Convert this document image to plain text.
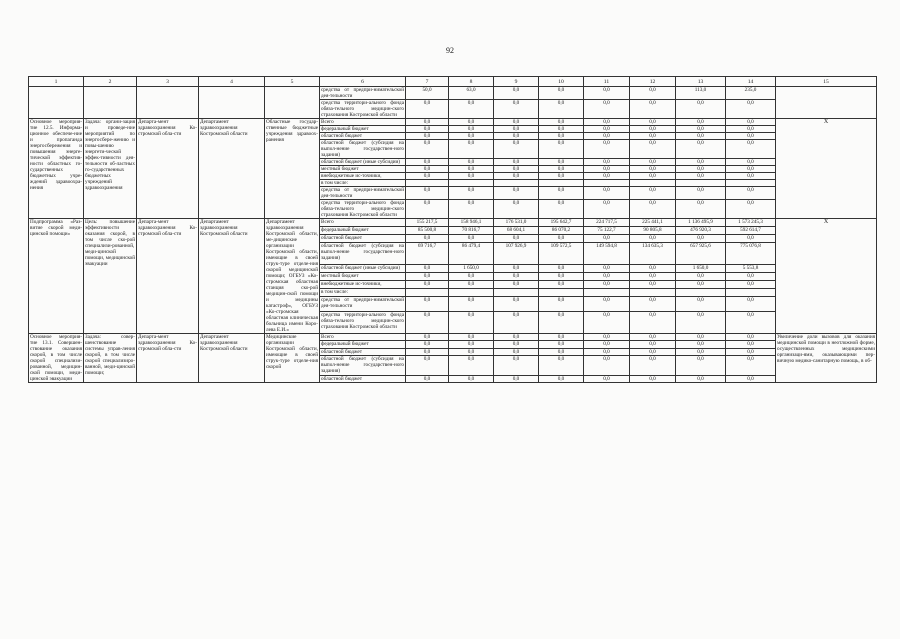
92
1	2	3	4	5	6	7	8	9	10	11	12	13	14	15
					средства от предпри-нимательской дея-тельности	50,0	63,0	0,0	0,0	0,0	0,0	113,0	235,0	
					средства территори-ального фонда обяза-тельного медицин-ского страхования Костромской области	0,0	0,0	0,0	0,0	0,0	0,0	0,0	0,0	
Основное мероприя-тие 12.5. Информа-ционное обеспече-ние и пропаганда энергосбережения и повышения энерге-тической эффектив-ности областных го-сударственных бюджетных учре-ждений здравоохра-нения	Задача: органи-зация и проведе-ние мероприятий по энергосбере-жению и повы-шению энергети-ческой эффек-тивности дея-тельности об-ластных го-сударственных бюджетных учреждений здравоохранения	Департа-мент здравоохранения Ко-стромской обла-сти	Департамент здравоохранения Костромской области	Областные государ-ственные бюджетные учреждения здравоох-ранения	Всего	0,0	0,0	0,0	0,0	0,0	0,0	0,0	0,0	X
					федеральный бюджет	0,0	0,0	0,0	0,0	0,0	0,0	0,0	0,0	
					областной бюджет	0,0	0,0	0,0	0,0	0,0	0,0	0,0	0,0	
					областной бюджет (субсидия на выпол-нение государствен-ного задания)	0,0	0,0	0,0	0,0	0,0	0,0	0,0	0,0	
					областной бюджет (иные субсидии)	0,0	0,0	0,0	0,0	0,0	0,0	0,0	0,0	
					местный бюджет	0,0	0,0	0,0	0,0	0,0	0,0	0,0	0,0	
					внебюджетные ис-точники,	0,0	0,0	0,0	0,0	0,0	0,0	0,0	0,0	
					в том числе:									
					средства от предпри-нимательской дея-тельности	0,0	0,0	0,0	0,0	0,0	0,0	0,0	0,0	
					средства территори-ального фонда обяза-тельного медицин-ского страхования Костромской области	0,0	0,0	0,0	0,0	0,0	0,0	0,0	0,0	
Подпрограмма «Раз-витие скорой меди-цинской помощи»	Цель: повышение эффективности оказания скорой, в том числе ско-рой специализи-рованной, меди-цинской помощи, медицинской эвакуации	Департа-мент здравоохранения Ко-стромской обла-сти	Департамент здравоохранения Костромской области	Департамент здравоохранения Костромской области, ме-дицинские организации Костромской области, имеющие в своей струк-туре отделе-ния скорой медицинской помощи; ОГБУЗ «Ко-стромская областная станция ско-рой медицин-ской помощи и медицины катастроф», ОГБУЗ «Ко-стромская областная клиническая больница имени Коро-лева Е.И.»	Всего	155 217,5	158 946,1	176 531,0	195 642,7	224 717,5	225 441,1	1 136 495,9	1 573 245,3	X
					федеральный бюджет	85 500,8	70 816,7	68 604,1	86 070,2	75 122,7	90 805,8	476 920,3	592 614,7	
					областной бюджет	0,0	0,0	0,0	0,0	0,0	0,0	0,0	0,0	
					областной бюджет (субсидия на выпол-нение государствен-ного задания)	69 716,7	86 479,4	107 926,9	109 572,5	149 594,8	134 635,3	657 925,6	775 076,8	
					областной бюджет (иные субсидии)	0,0	1 650,0	0,0	0,0	0,0	0,0	1 650,0	5 553,8	
					местный бюджет	0,0	0,0	0,0	0,0	0,0	0,0	0,0	0,0	
					внебюджетные ис-точники,	0,0	0,0	0,0	0,0	0,0	0,0	0,0	0,0	
					в том числе:									
					средства от предпри-нимательской дея-тельности	0,0	0,0	0,0	0,0	0,0	0,0	0,0	0,0	
					средства территори-ального фонда обяза-тельного медицин-ского страхования Костромской области	0,0	0,0	0,0	0,0	0,0	0,0	0,0	0,0	
Основное мероприя-тие 13.1. Совершен-ствование оказания скорой, в том числе скорой специализи-рованной, медицин-ской помощи, меди-цинской эвакуации	Задача: совер-шенствование системы управ-ления скорой, в том числе скорой специализиро-ванной, меди-цинской помощи;	Департа-мент здравоохранения Ко-стромской обла-сти	Департамент здравоохранения Костромской области	Медицинские организации Костромской области, имеющие в своей струк-туре отделе-ния скорой	Всего	0,0	0,0	0,0	0,0	0,0	0,0	0,0	0,0	Увеличение доли вызовов для оказания медицинской помощи в неотложной форме, осуществленных медицинскими организаци-ями, оказывающими пер-вичную медико-санитарную помощь, в об-
					федеральный бюджет	0,0	0,0	0,0	0,0	0,0	0,0	0,0	0,0	
					областной бюджет	0,0	0,0	0,0	0,0	0,0	0,0	0,0	0,0	
					областной бюджет (субсидия на выпол-нение государствен-ного задания)	0,0	0,0	0,0	0,0	0,0	0,0	0,0	0,0	
					областной бюджет	0,0	0,0	0,0	0,0	0,0	0,0	0,0	0,0	
